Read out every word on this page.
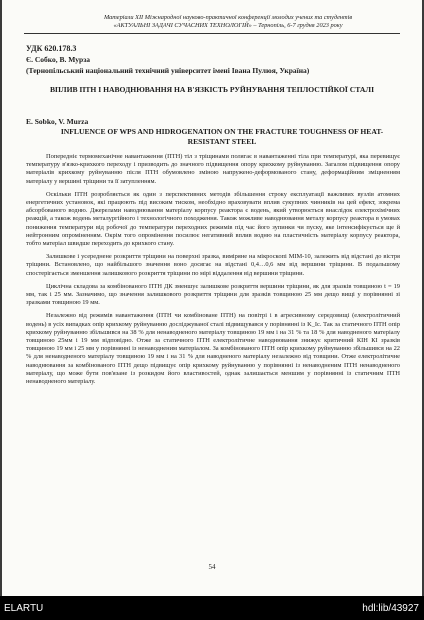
Матеріали XII Міжнародної науково-практичної конференції молодих учених та студентів
«АКТУАЛЬНІ ЗАДАЧІ СУЧАСНИХ ТЕХНОЛОГІЙ» – Тернопіль, 6-7 грудня 2023 року
УДК 620.178.3
Є. Собко, В. Мурза
(Тернопільський національний технічний університет імені Івана Пулюя, Україна)
ВПЛИВ ПТН І НАВОДНЮВАННЯ НА В'ЯЗКІСТЬ РУЙНУВАННЯ ТЕПЛОСТІЙКОЇ СТАЛІ
E. Sobko, V. Murza
INFLUENCE OF WPS AND HIDROGENATION ON THE FRACTURE TOUGHNESS OF HEAT-RESISTANT STEEL

Попередніє термомеханічне навантаження (ПТН) тіл з тріщинами полягає в навантаженні тіла при температурі, яка перевищує температуру в'язко-крихкого переходу і призводить до значного підвищення опору крихкому руйнуванню. Загалом підвищення опору матеріалів крихкому руйнуванню після ПТН обумовлено зміною напружено-деформованого стану, деформаційним зміцненням матеріалу у вершині тріщини та її затупленням.

Оскільки ПТН розробляється як один з перспективних методів збільшення строку експлуатації важливих вузлів атомних енергетичних установок, які працюють під високим тиском, необхідно враховувати вплив сукупних чинників на цей ефект, зокрема абсорбованого водню. Джерелами наводнювання матеріалу корпусу реактора є водень, який утворюється внаслідок електрохімічних реакцій, а також водень металургійного і технологічного походження. Також можливе наводнювання металу корпусу реактора в умовах пониження температури від робочої до температури переходних режимів під час його зупинки чи пуску, яке інтенсифікується ще й нейтронним опроміненням. Окрім того опромінення посилює негативний вплив водню на пластичність матеріалу корпусу реактора, тобто матеріал швидше переходить до крихкого стану.

Залишкове і усереднене розкриття тріщини на поверхні зразка, виміряне на мікроскопі МІМ-10, залежить від відстані до вістря тріщини. Встановлено, що найбільшого значення воно досягає на відстані 0,4…0,6 мм від вершини тріщини. В подальшому спостерігається зменшення залишкового розкриття тріщини по мірі віддалення від вершини тріщини.

Циклічна складова за комбінованого ПТН ДК зменшує залишкове розкриття вершини тріщини, як для зразків товщиною t = 19 мм, так і 25 мм. Зазначимо, що значення залишкового розкриття тріщини для зразків товщиною 25 мм дещо вищі у порівнянні зі зразками товщиною 19 мм.

Незалежно від режимів навантаження (ПТН чи комбіноване ПТН) на повітрі і в агресивному середовищі (електролітичний водень) в усіх випадках опір крихкому руйнуванню досліджуваної сталі підвищувався у порівнянні із K_Ic. Так за статичного ПТН опір крихкому руйнуванню збільшився на 38 % для ненаводненого матеріалу товщиною 19 мм і на 31 % та 18 % для наводненого матеріалу товщиною 25мм і 19 мм відповідно. Отже за статичного ПТН електролітичне наводнювання знижує критичний КІН КІ зразків товщиною 19 мм і 25 мм у порівнянні із ненаводненим матеріалом. За комбінованого ПТН опір крихкому руйнуванню збільшився на 22 % для ненаводненого матеріалу товщиною 19 мм і на 31 % для наводненого матеріалу незалежно від товщини. Отже електролітичне наводнювання за комбінованого ПТН дещо підвищує опір крихкому руйнуванню у порівнянні із ненаводненим ПТН ненаводненого матеріалу, що може бути пов'язане із розкидом його властивостей, однак залишається меншим у порівнянні із статичним ПТН ненаводненого матеріалу.

54
ELARTU	hdl:lib/43927
